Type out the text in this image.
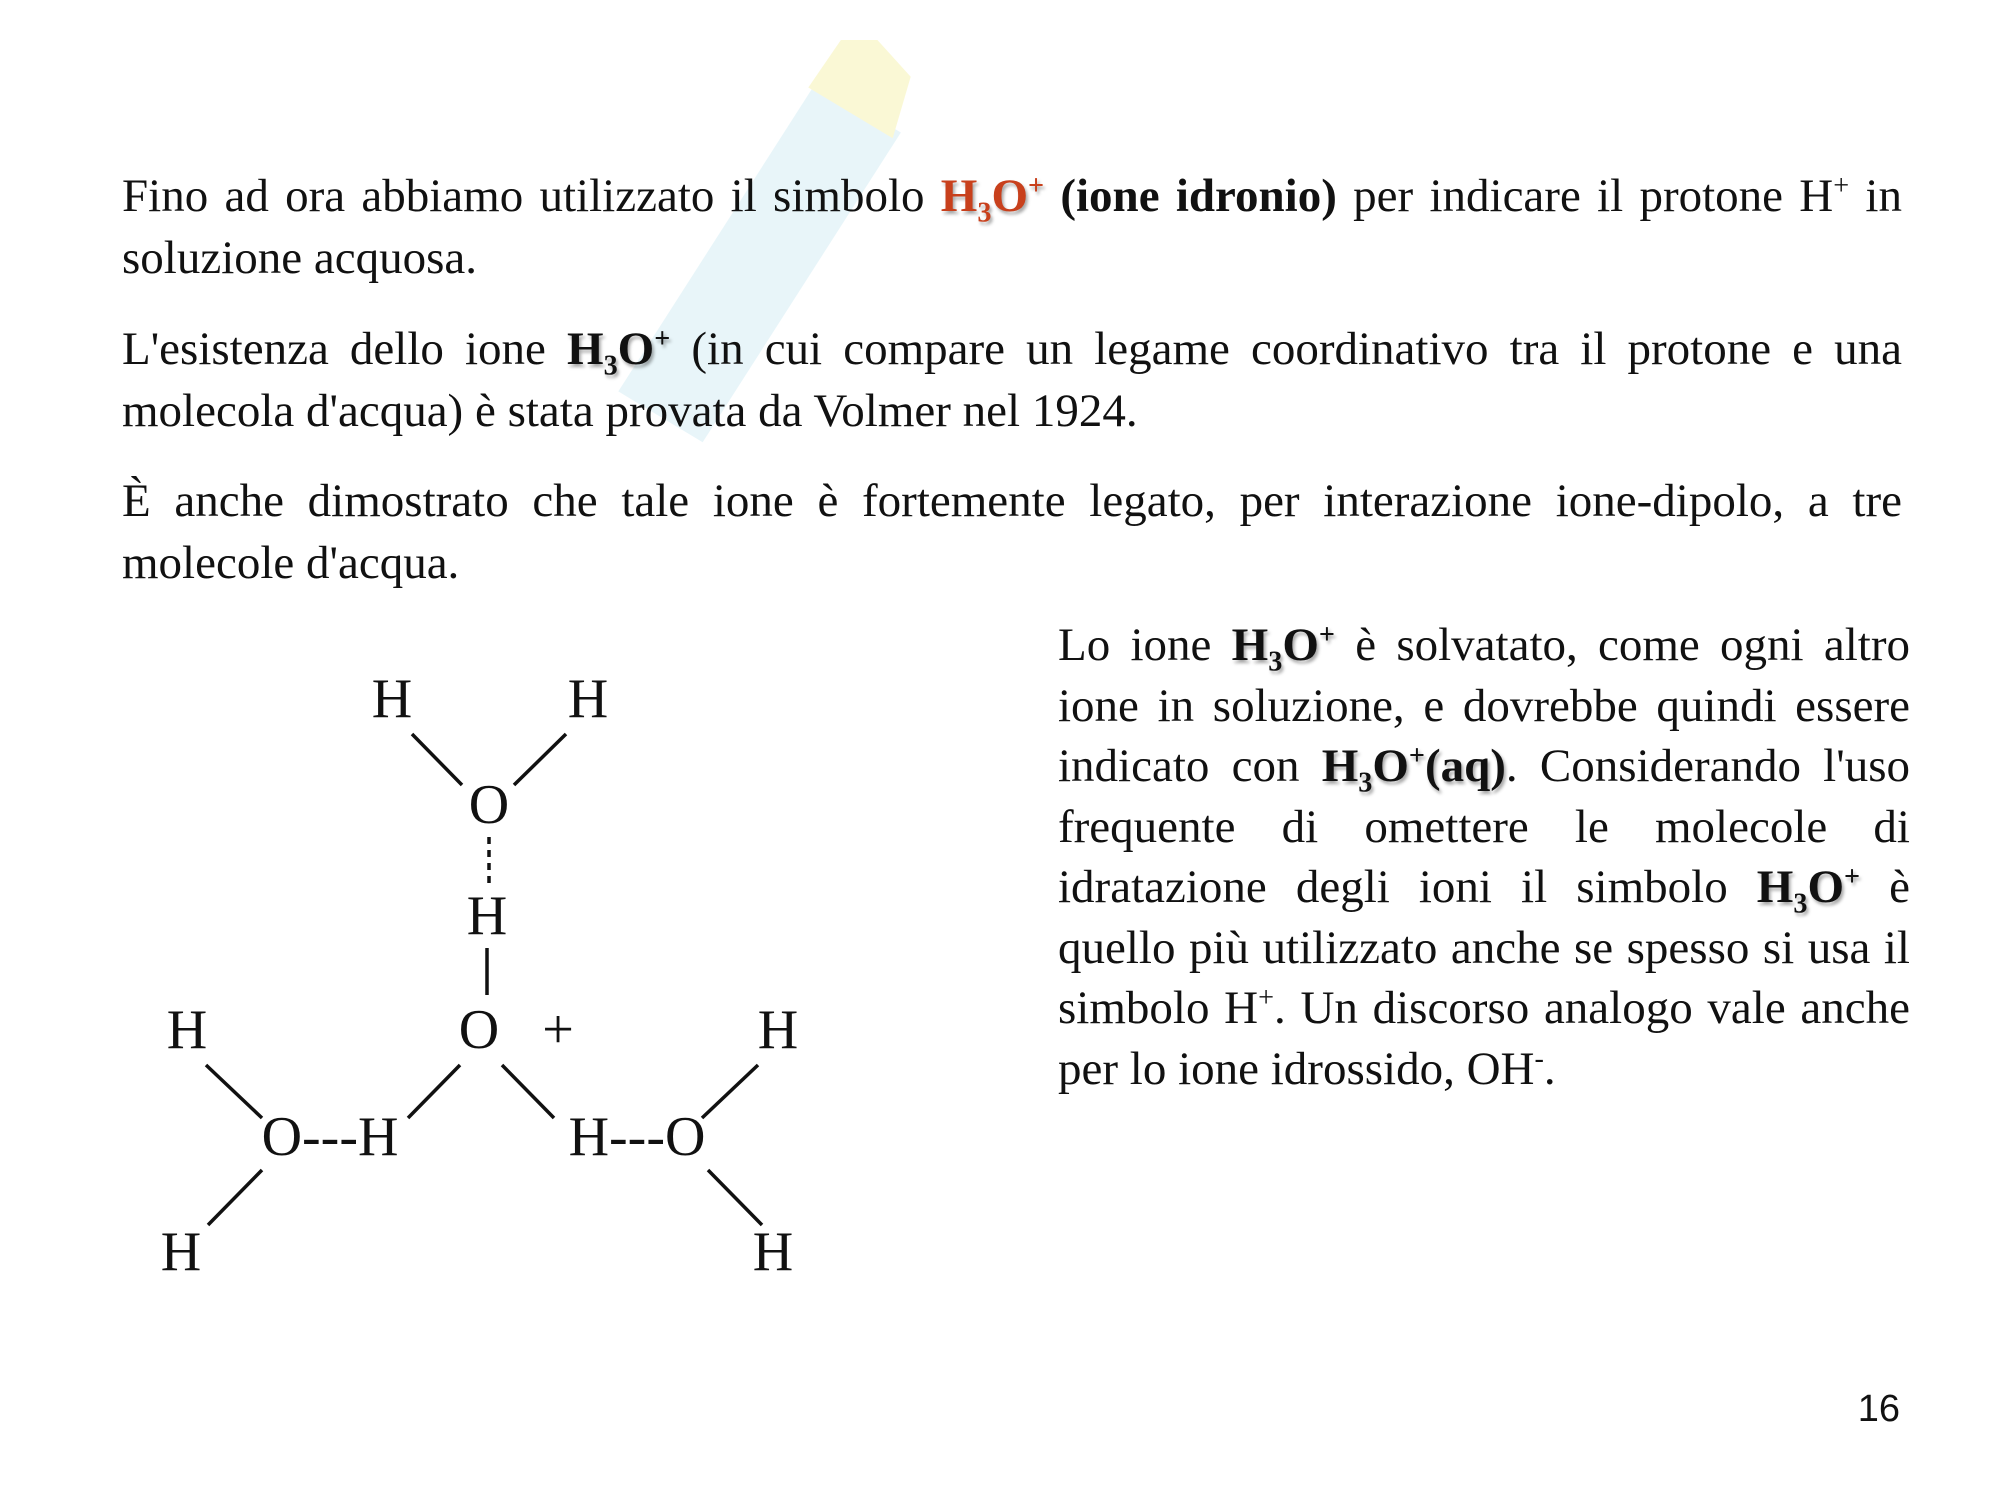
Fino ad ora abbiamo utilizzato il simbolo $H_3O^+$ (ione idronio) per indicare il protone H+ in soluzione acquosa.

L'esistenza dello ione $H_3O^+$ (in cui compare un legame coordinativo tra il protone e una molecola d'acqua) è stata provata da Volmer nel 1924.

È anche dimostrato che tale ione è fortemente legato, per interazione ione-dipolo, a tre molecole d'acqua.

Lo ione $H_3O^+$ è solvatato, come ogni altro ione in soluzione, e dovrebbe quindi essere indicato con $H_3O^+(aq)$. Considerando l'uso frequente di omettere le molecole di idratazione degli ioni il simbolo $H_3O^+$ è quello più utilizzato anche se spesso si usa il simbolo H+. Un discorso analogo vale anche per lo ione idrossido, OH-.

H	H
O
H
O +
H
O---H
H
H
H---O
H
16
